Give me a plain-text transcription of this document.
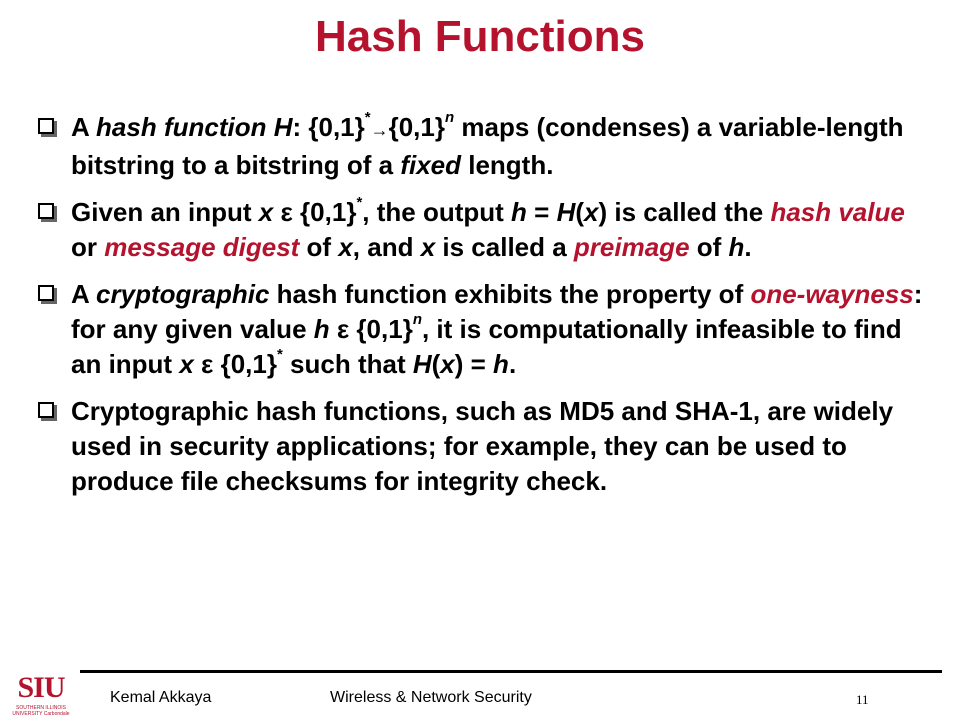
Hash Functions
A hash function H: $\{0,1\}^*\to\{0,1\}^n$ maps (condenses) a variable-length bitstring to a bitstring of a fixed length.
Given an input x ε {0,1}*, the output h = H(x) is called the hash value or message digest of x, and x is called a preimage of h.
A cryptographic hash function exhibits the property of one-wayness: for any given value h ε $\{0,1\}^n$, it is computationally infeasible to find an input x ε {0,1}* such that H(x) = h.
Cryptographic hash functions, such as MD5 and SHA-1, are widely used in security applications; for example, they can be used to produce file checksums for integrity check.
SIU
SOUTHERN ILLINOIS UNIVERSITY Carbondale
Kemal Akkaya	Wireless & Network Security	11
